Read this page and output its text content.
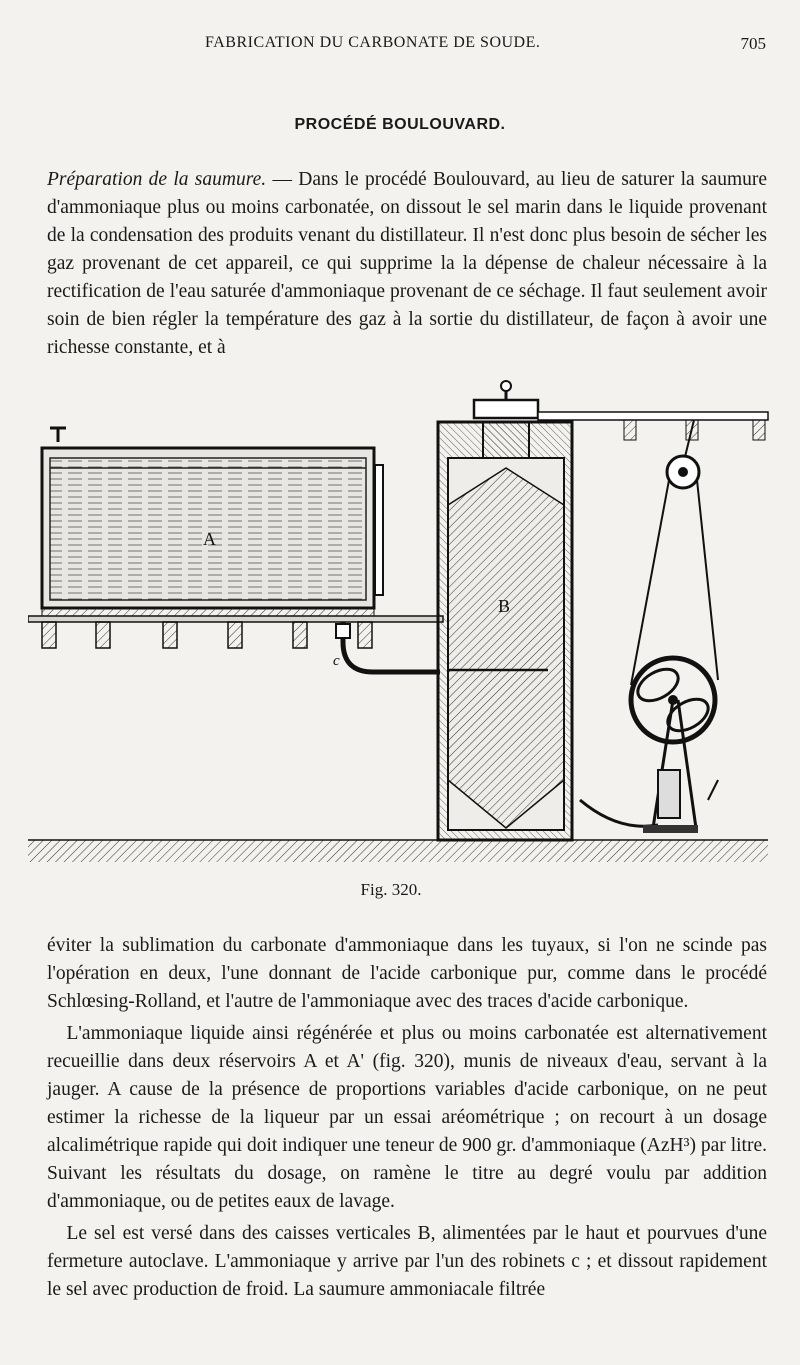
FABRICATION DU CARBONATE DE SOUDE.	705
PROCÉDÉ BOULOUVARD.

Préparation de la saumure. — Dans le procédé Boulouvard, au lieu de saturer la saumure d'ammoniaque plus ou moins carbonatée, on dissout le sel marin dans le liquide provenant de la condensation des produits venant du distillateur. Il n'est donc plus besoin de sécher les gaz provenant de cet appareil, ce qui supprime la la dépense de chaleur nécessaire à la rectification de l'eau saturée d'ammoniaque provenant de ce séchage. Il faut seulement avoir soin de bien régler la température des gaz à la sortie du distillateur, de façon à avoir une richesse constante, et à

A
c
B
Fig. 320.

éviter la sublimation du carbonate d'ammoniaque dans les tuyaux, si l'on ne scinde pas l'opération en deux, l'une donnant de l'acide carbonique pur, comme dans le procédé Schlœsing-Rolland, et l'autre de l'ammoniaque avec des traces d'acide carbonique.

L'ammoniaque liquide ainsi régénérée et plus ou moins carbonatée est alternativement recueillie dans deux réservoirs A et A' (fig. 320), munis de niveaux d'eau, servant à la jauger. A cause de la présence de proportions variables d'acide carbonique, on ne peut estimer la richesse de la liqueur par un essai aréométrique ; on recourt à un dosage alcalimétrique rapide qui doit indiquer une teneur de 900 gr. d'ammoniaque (AzH³) par litre. Suivant les résultats du dosage, on ramène le titre au degré voulu par addition d'ammoniaque, ou de petites eaux de lavage.

Le sel est versé dans des caisses verticales B, alimentées par le haut et pourvues d'une fermeture autoclave. L'ammoniaque y arrive par l'un des robinets c ; et dissout rapidement le sel avec production de froid. La saumure ammoniacale filtrée
